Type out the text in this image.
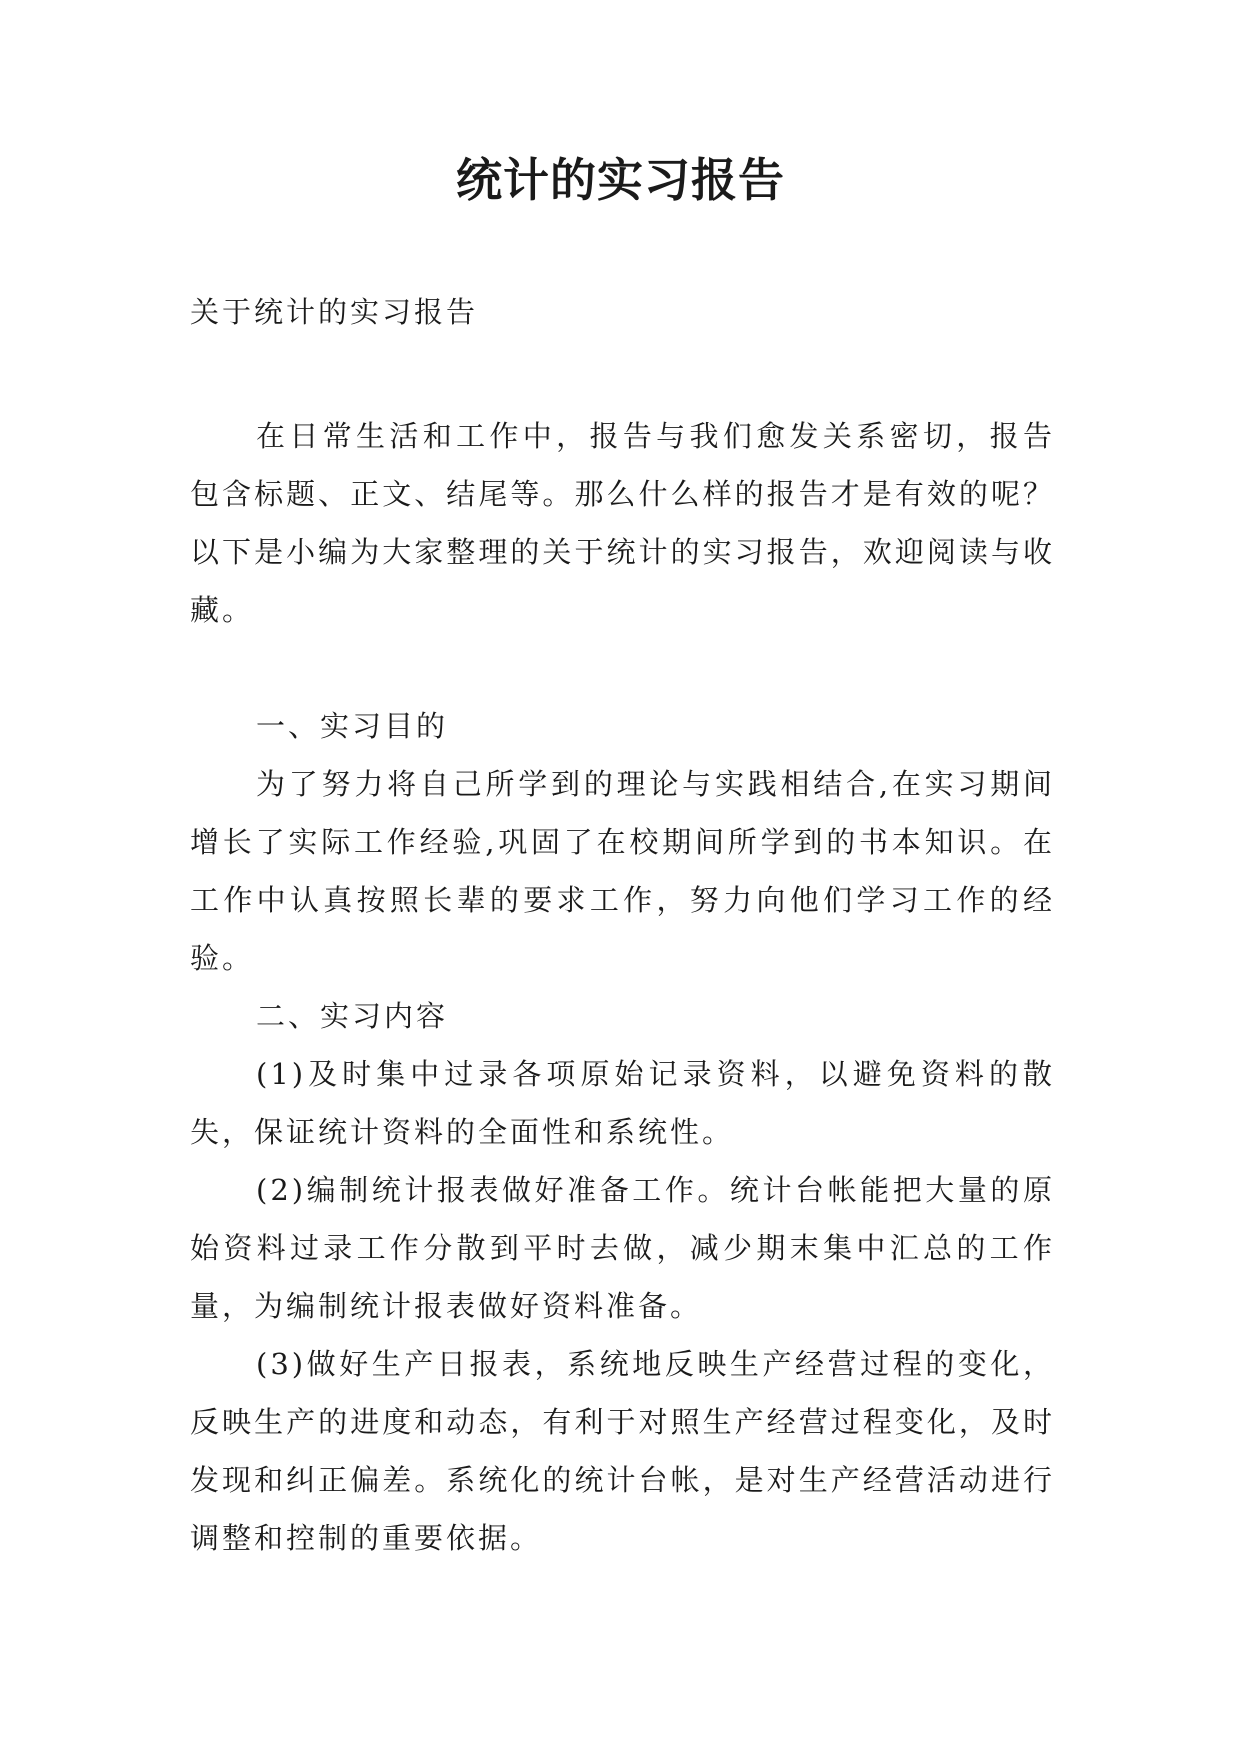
统计的实习报告

关于统计的实习报告

在日常生活和工作中，报告与我们愈发关系密切，报告包含标题、正文、结尾等。那么什么样的报告才是有效的呢？以下是小编为大家整理的关于统计的实习报告，欢迎阅读与收藏。

一、实习目的

为了努力将自己所学到的理论与实践相结合,在实习期间增长了实际工作经验,巩固了在校期间所学到的书本知识。在工作中认真按照长辈的要求工作，努力向他们学习工作的经验。

二、实习内容

(1)及时集中过录各项原始记录资料，以避免资料的散失，保证统计资料的全面性和系统性。

(2)编制统计报表做好准备工作。统计台帐能把大量的原始资料过录工作分散到平时去做，减少期末集中汇总的工作量，为编制统计报表做好资料准备。

(3)做好生产日报表，系统地反映生产经营过程的变化，反映生产的进度和动态，有利于对照生产经营过程变化，及时发现和纠正偏差。系统化的统计台帐，是对生产经营活动进行调整和控制的重要依据。
